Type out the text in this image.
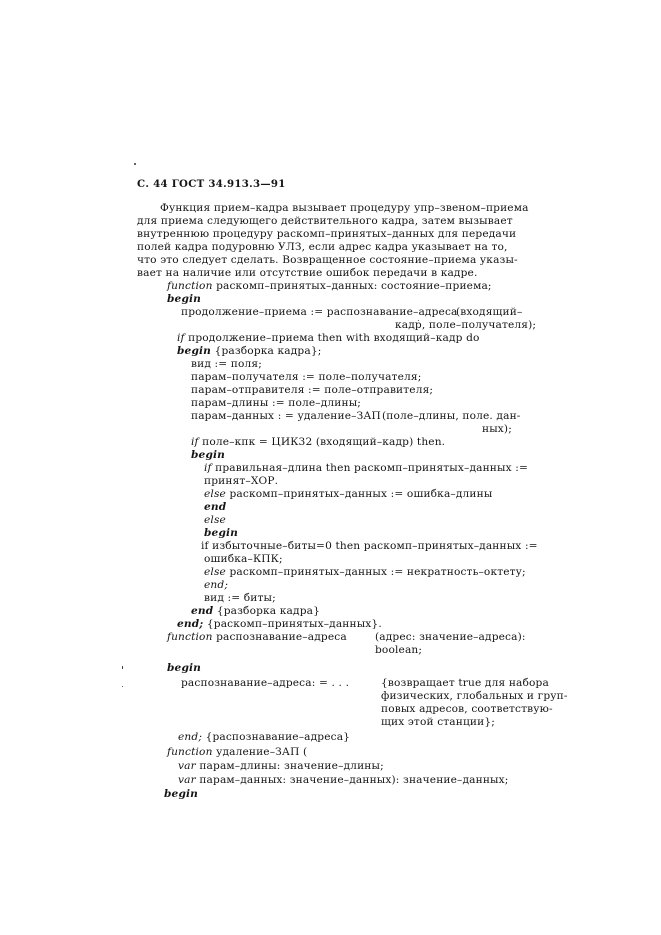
С. 44 ГОСТ 34.913.3—91
Функция прием–кадра вызывает процедуру упр–звеном–приема
для приема следующего действительного кадра, затем вызывает
внутреннюю процедуру раскомп–принятых–данных для передачи
полей кадра подуровню УЛЗ, если адрес кадра указывает на то,
что это следует сделать. Возвращенное состояние–приема указы-
вает на наличие или отсутствие ошибок передачи в кадре.
function раскомп–принятых–данных: состояние–приема;
begin
продолжение–приема := распознавание–адреса
(входящий–
кадр, поле–получателя);
if продолжение–приема then with входящий–кадр do
begin {разборка кадра};
вид := поля;
парам–получателя := поле–получателя;
парам–отправителя := поле–отправителя;
парам–длины := поле–длины;
парам–данных : = удаление–ЗАП (поле–длины, поле. дан-
ных);
if поле–кпк = ЦИК32 (входящий–кадр) then.
begin
if правильная–длина then раскомп–принятых–данных :=
принят–ХОР.
else раскомп–принятых–данных := ошибка–длины
end
else
begin
if избыточные–биты=0 then раскомп–принятых–данных :=
ошибка–КПК;
else раскомп–принятых–данных := некратность–октету;
end;
вид := биты;
end {разборка кадра}
end; {раскомп–принятых–данных}.
function распознавание–адреса	(адрес: значение–адреса):
boolean;
begin
распознавание–адреса: = . . .	{возвращает true для набора
физических, глобальных и груп-
повых адресов, соответствую-
щих этой станции};
end; {распознавание–адреса}
function удаление–ЗАП (
var парам–длины: значение–длины;
var парам–данных: значение–данных): значение–данных;
begin
